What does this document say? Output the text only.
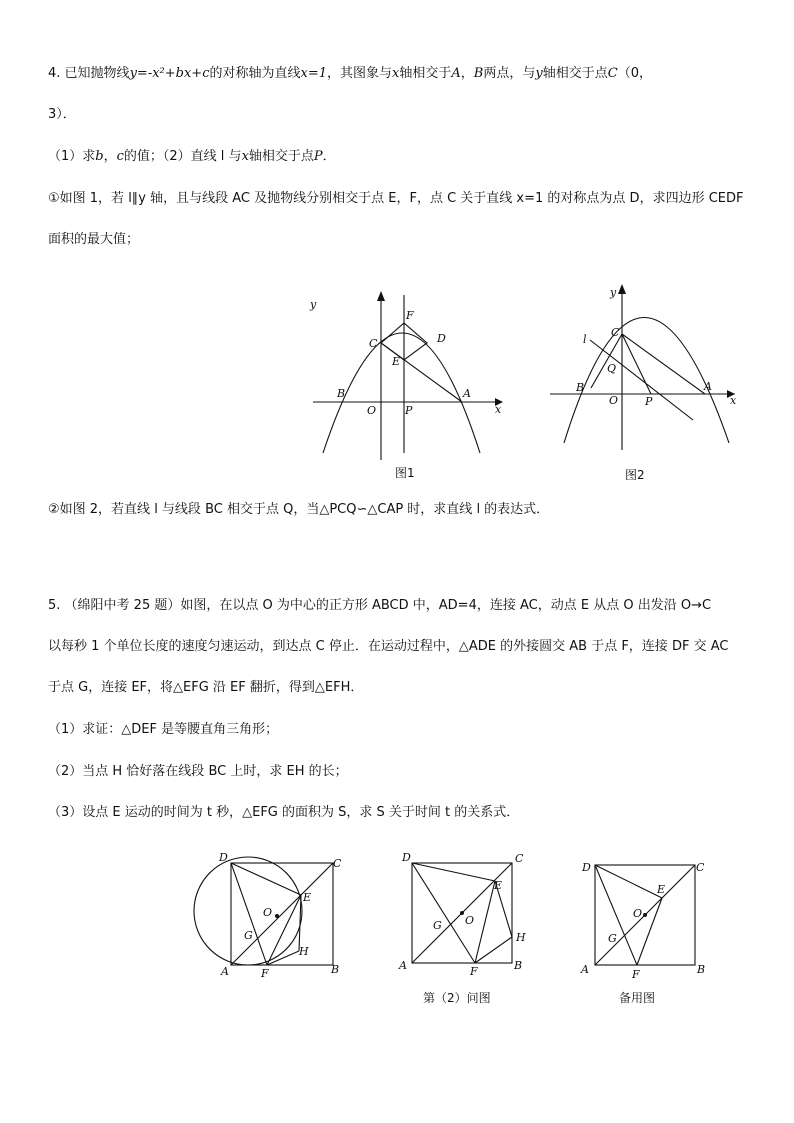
4. 已知抛物线y=-x²+bx+c的对称轴为直线x=1，其图象与x轴相交于A，B两点，与y轴相交于点C（0，
3）．
（1）求b，c的值；（2）直线 l 与x轴相交于点P．
①如图 1，若 l∥y 轴，且与线段 AC 及抛物线分别相交于点 E，F，点 C 关于直线 x=1 的对称点为点 D，求四边形 CEDF
面积的最大值；
y
x
C
F
D
E
B
O	P
A
图1
y
x
C
l
Q
B
O P
A
图2
②如图 2，若直线 l 与线段 BC 相交于点 Q，当△PCQ∽△CAP 时，求直线 l 的表达式．
5. （绵阳中考 25 题）如图，在以点 O 为中心的正方形 ABCD 中，AD=4，连接 AC，动点 E 从点 O 出发沿 O→C
以每秒 1 个单位长度的速度匀速运动，到达点 C 停止．在运动过程中，△ADE 的外接圆交 AB 于点 F，连接 DF 交 AC
于点 G，连接 EF，将△EFG 沿 EF 翻折，得到△EFH．
（1）求证：△DEF 是等腰直角三角形；
（2）当点 H 恰好落在线段 BC 上时，求 EH 的长；
（3）设点 E 运动的时间为 t 秒，△EFG 的面积为 S，求 S 关于时间 t 的关系式．
D	C
E
O
G
H
A	F	B
D	C
E
O
G
H
A	F	B
第（2）问图
D	C
E
O
G
A	F	B
备用图
